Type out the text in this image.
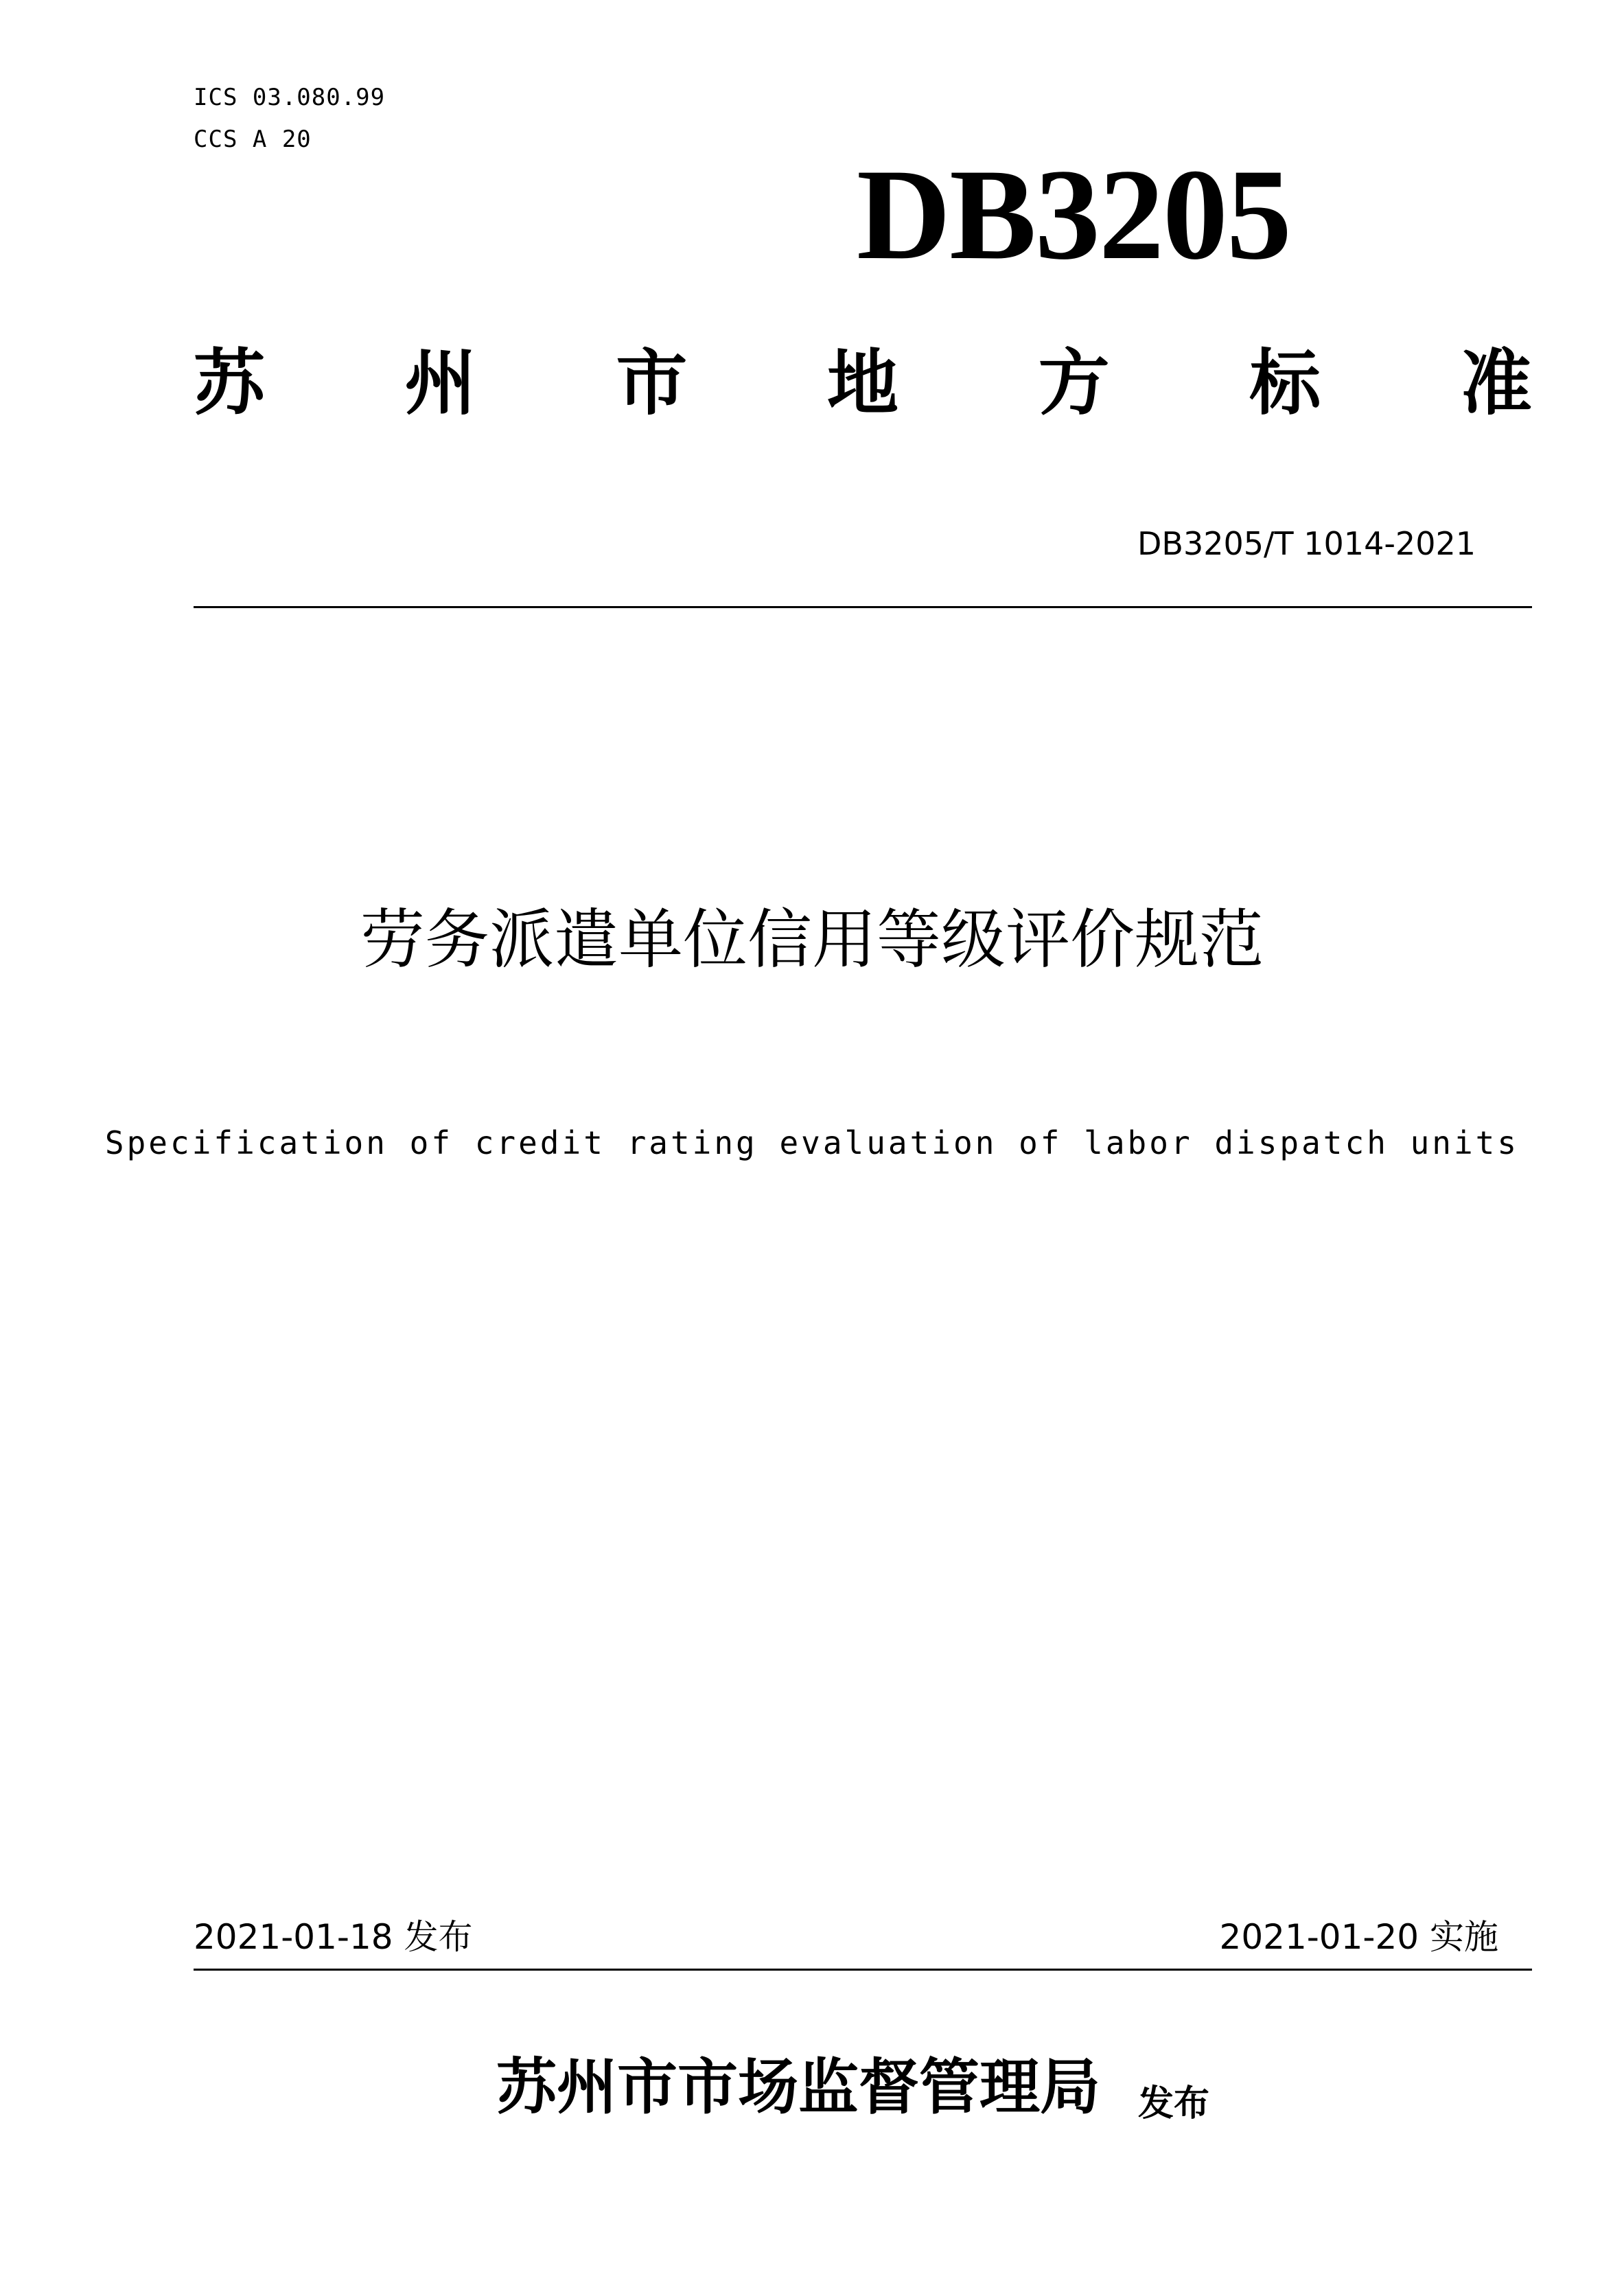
ICS 03.080.99
CCS A 20
DB3205
苏 州 市 地 方 标 准
DB3205/T 1014-2021
劳务派遣单位信用等级评价规范
Specification of credit rating evaluation of labor dispatch units
2021-01-18 发布	2021-01-20 实施
苏州市市场监督管理局 发布
